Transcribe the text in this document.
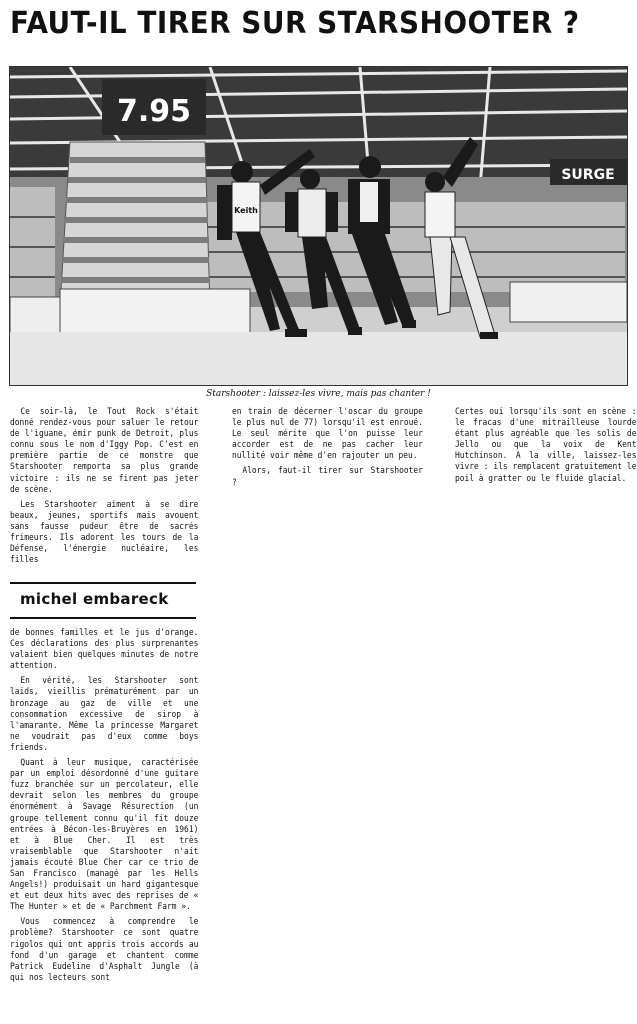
FAUT-IL TIRER SUR STARSHOOTER ?
7.95
SURGE
Keith
Starshooter : laissez-les vivre, mais pas chanter !

Ce soir-là, le Tout Rock s'était donné rendez-vous pour saluer le retour de l'iguane, émir punk de Detroit, plus connu sous le nom d'Iggy Pop. C'est en première partie de ce monstre que Starshooter remporta sa plus grande victoire : ils ne se firent pas jeter de scène.

Les Starshooter aiment à se dire beaux, jeunes, sportifs mais avouent sans fausse pudeur être de sacrés frimeurs. Ils adorent les tours de la Défense, l'énergie nucléaire, les filles

michel embareck

de bonnes familles et le jus d'orange. Ces déclarations des plus surprenantes valaient bien quelques minutes de notre attention.

En vérité, les Starshooter sont laids, vieillis prématurément par un bronzage au gaz de ville et une consommation excessive de sirop à l'amarante. Même la princesse Margaret ne voudrait pas d'eux comme boys friends.

Quant à leur musique, caractérisée par un emploi désordonné d'une guitare fuzz branchée sur un percolateur, elle devrait selon les membres du groupe énormément à Savage Résurection (un groupe tellement connu qu'il fit douze entrées à Bécon-les-Bruyères en 1961) et à Blue Cher. Il est très vraisemblable que Starshooter n'ait jamais écouté Blue Cher car ce trio de San Francisco (managé par les Hells Angels!) produisait un hard gigantesque et eut deux hits avec des reprises de « The Hunter » et de « Parchment Farm ».

Vous commencez à comprendre le problème? Starshooter ce sont quatre rigolos qui ont appris trois accords au fond d'un garage et chantent comme Patrick Eudeline d'Asphalt Jungle (à qui nos lecteurs sont

en train de décerner l'oscar du groupe le plus nul de 77) lorsqu'il est enroué. Le seul mérite que l'on puisse leur accorder est de ne pas cacher leur nullité voir même d'en rajouter un peu.

Alors, faut-il tirer sur Starshooter ?

Certes oui lorsqu'ils sont en scène : le fracas d'une mitrailleuse lourde étant plus agréable que les solis de Jello ou que la voix de Kent Hutchinson. A la ville, laissez-les vivre : ils remplacent gratuitement le poil à gratter ou le fluide glacial.
